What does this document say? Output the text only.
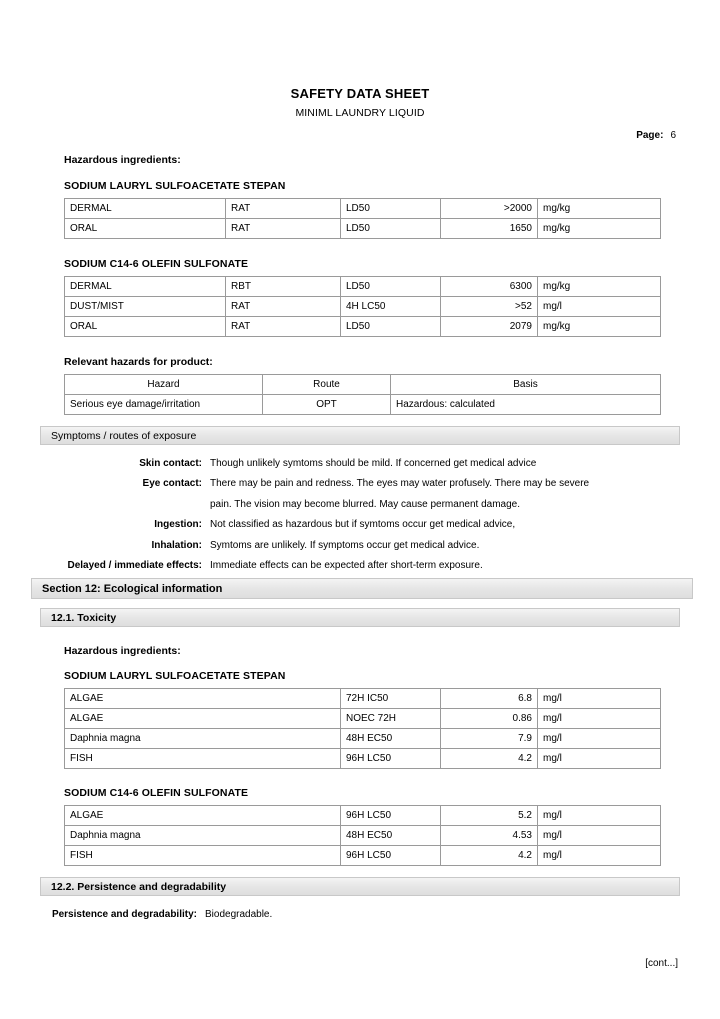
SAFETY DATA SHEET
MINIML LAUNDRY LIQUID
Page: 6
Hazardous ingredients:
SODIUM LAURYL SULFOACETATE STEPAN
DERMAL	RAT	LD50	>2000	mg/kg
ORAL	RAT	LD50	1650	mg/kg
SODIUM C14-6 OLEFIN SULFONATE
DERMAL	RBT	LD50	6300	mg/kg
DUST/MIST	RAT	4H LC50	>52	mg/l
ORAL	RAT	LD50	2079	mg/kg
Relevant hazards for product:
Hazard	Route	Basis
Serious eye damage/irritation	OPT	Hazardous: calculated
Symptoms / routes of exposure
Skin contact: Though unlikely symtoms should be mild. If concerned get medical advice
Eye contact: There may be pain and redness. The eyes may water profusely. There may be severe
pain. The vision may become blurred. May cause permanent damage.
Ingestion: Not classified as hazardous but if symtoms occur get medical advice,
Inhalation: Symtoms are unlikely. If symptoms occur get medical advice.
Delayed / immediate effects: Immediate effects can be expected after short-term exposure.
Section 12: Ecological information
12.1. Toxicity
Hazardous ingredients:
SODIUM LAURYL SULFOACETATE STEPAN
ALGAE	72H IC50	6.8	mg/l
ALGAE	NOEC 72H	0.86	mg/l
Daphnia magna	48H EC50	7.9	mg/l
FISH	96H LC50	4.2	mg/l
SODIUM C14-6 OLEFIN SULFONATE
ALGAE	96H LC50	5.2	mg/l
Daphnia magna	48H EC50	4.53	mg/l
FISH	96H LC50	4.2	mg/l
12.2. Persistence and degradability
Persistence and degradability: Biodegradable.
[cont...]
